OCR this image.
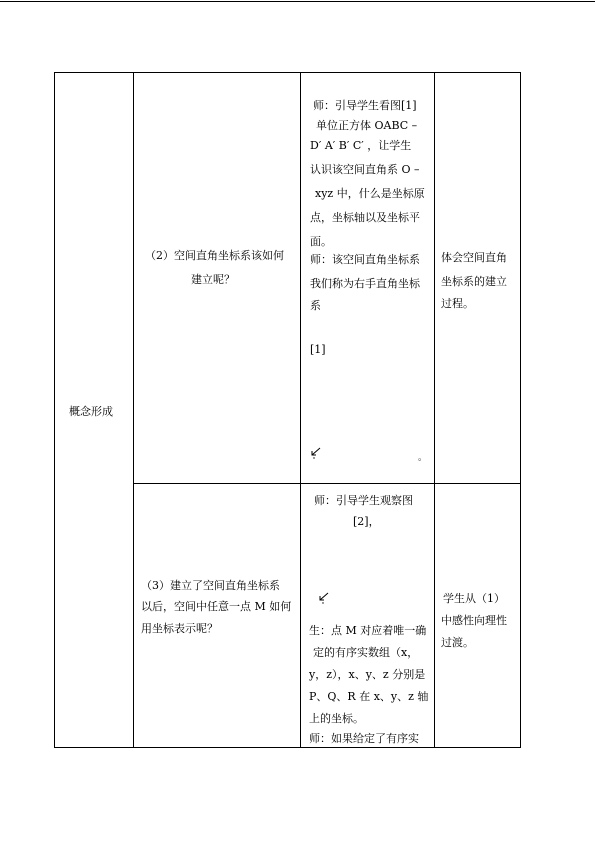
概念形成
（2）空间直角坐标系该如何
建立呢？
师：引导学生看图[1]
单位正方体 OABC –
D′ A′ B′ C′ ，让学生
认识该空间直角系 O –
xyz 中，什么是坐标原
点，坐标轴以及坐标平
面。
师：该空间直角坐标系
我们称为右手直角坐标
系
[1]
。
体会空间直角
坐标系的建立
过程。
（3）建立了空间直角坐标系
以后，空间中任意一点 M 如何
用坐标表示呢？
师：引导学生观察图
[2]，
生：点 M 对应着唯一确
定的有序实数组（x，
y，z），x、y、z 分别是
P、Q、R 在 x、y、z 轴
上的坐标。
师：如果给定了有序实
学生从（1）
中感性向理性
过渡。
